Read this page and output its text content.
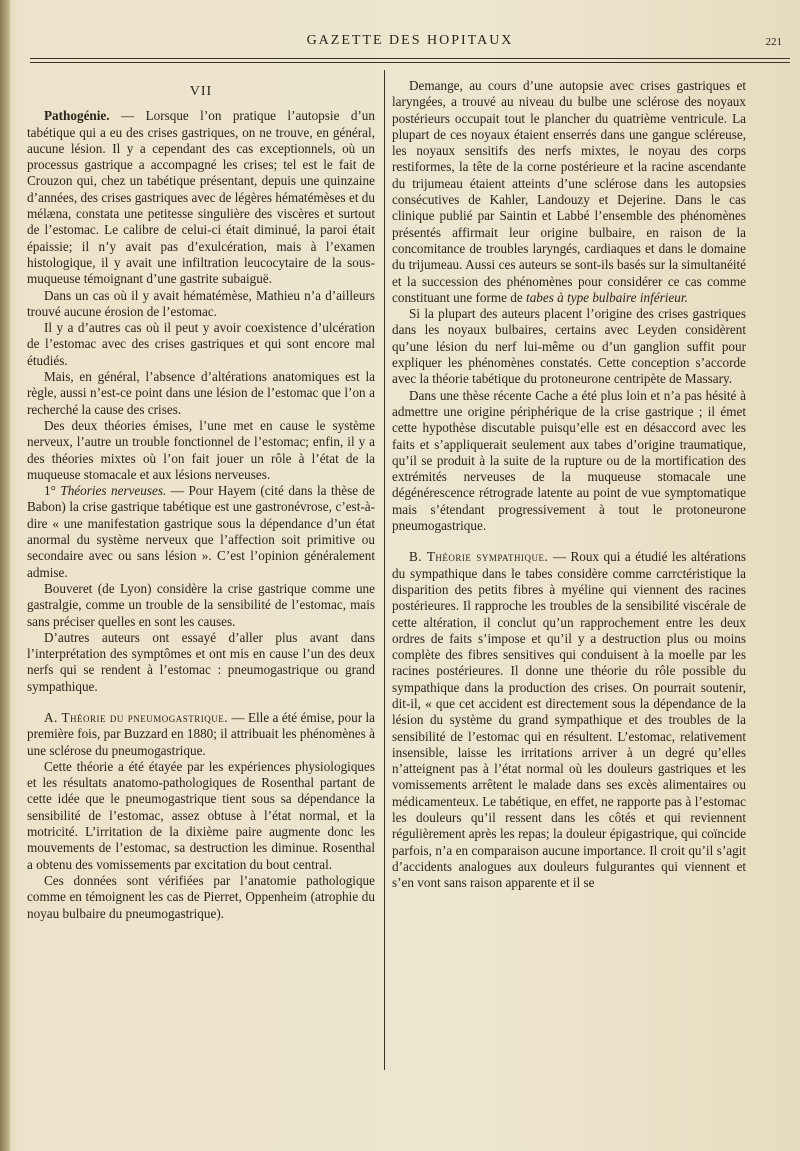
GAZETTE DES HOPITAUX	221
VII

Pathogénie. — Lorsque l’on pratique l’autopsie d’un tabétique qui a eu des crises gastriques, on ne trouve, en général, aucune lésion. Il y a cependant des cas exceptionnels, où un processus gastrique a accompagné les crises; tel est le fait de Crouzon qui, chez un tabétique présentant, depuis une quinzaine d’années, des crises gastriques avec de légères hématémèses et du mélæna, constata une petitesse singulière des viscères et surtout de l’estomac. Le calibre de celui-ci était diminué, la paroi était épaissie; il n’y avait pas d’exulcération, mais à l’examen histologique, il y avait une infiltration leucocytaire de la sous-muqueuse témoignant d’une gastrite subaiguë.

Dans un cas où il y avait hématémèse, Mathieu n’a d’ailleurs trouvé aucune érosion de l’estomac.

Il y a d’autres cas où il peut y avoir coexistence d’ulcération de l’estomac avec des crises gastriques et qui sont encore mal étudiés.

Mais, en général, l’absence d’altérations anatomiques est la règle, aussi n’est-ce point dans une lésion de l’estomac que l’on a recherché la cause des crises.

Des deux théories émises, l’une met en cause le système nerveux, l’autre un trouble fonctionnel de l’estomac; enfin, il y a des théories mixtes où l’on fait jouer un rôle à l’état de la muqueuse stomacale et aux lésions nerveuses.

1° Théories nerveuses. — Pour Hayem (cité dans la thèse de Babon) la crise gastrique tabétique est une gastronévrose, c’est-à-dire « une manifestation gastrique sous la dépendance d’un état anormal du système nerveux que l’affection soit primitive ou secondaire avec ou sans lésion ». C’est l’opinion généralement admise.

Bouveret (de Lyon) considère la crise gastrique comme une gastralgie, comme un trouble de la sensibilité de l’estomac, mais sans préciser quelles en sont les causes.

D’autres auteurs ont essayé d’aller plus avant dans l’interprétation des symptômes et ont mis en cause l’un des deux nerfs qui se rendent à l’estomac : pneumogastrique ou grand sympathique.

A. Théorie du pneumogastrique. — Elle a été émise, pour la première fois, par Buzzard en 1880; il attribuait les phénomènes à une sclérose du pneumogastrique.

Cette théorie a été étayée par les expériences physiologiques et les résultats anatomo-pathologiques de Rosenthal partant de cette idée que le pneumogastrique tient sous sa dépendance la sensibilité de l’estomac, assez obtuse à l’état normal, et la motricité. L’irritation de la dixième paire augmente donc les mouvements de l’estomac, sa destruction les diminue. Rosenthal a obtenu des vomissements par excitation du bout central.

Ces données sont vérifiées par l’anatomie pathologique comme en témoignent les cas de Pierret, Oppenheim (atrophie du noyau bulbaire du pneumogastrique).

Demange, au cours d’une autopsie avec crises gastriques et laryngées, a trouvé au niveau du bulbe une sclérose des noyaux postérieurs occupait tout le plancher du quatrième ventricule. La plupart de ces noyaux étaient enserrés dans une gangue scléreuse, les noyaux sensitifs des nerfs mixtes, le noyau des corps restiformes, la tête de la corne postérieure et la racine ascendante du trijumeau étaient atteints d’une sclérose dans les autopsies consécutives de Kahler, Landouzy et Dejerine. Dans le cas clinique publié par Saintin et Labbé l’ensemble des phénomènes présentés affirmait leur origine bulbaire, en raison de la concomitance de troubles laryngés, cardiaques et dans le domaine du trijumeau. Aussi ces auteurs se sont-ils basés sur la simultanéité et la succession des phénomènes pour considérer ce cas comme constituant une forme de tabes à type bulbaire inférieur.

Si la plupart des auteurs placent l’origine des crises gastriques dans les noyaux bulbaires, certains avec Leyden considèrent qu’une lésion du nerf lui-même ou d’un ganglion suffit pour expliquer les phénomènes constatés. Cette conception s’accorde avec la théorie tabétique du protoneurone centripète de Massary.

Dans une thèse récente Cache a été plus loin et n’a pas hésité à admettre une origine périphérique de la crise gastrique ; il émet cette hypothèse discutable puisqu’elle est en désaccord avec les faits et s’appliquerait seulement aux tabes d’origine traumatique, qu’il se produit à la suite de la rupture ou de la mortification des extrémités nerveuses de la muqueuse stomacale une dégénérescence rétrograde latente au point de vue symptomatique mais s’étendant progressivement à tout le protoneurone pneumogastrique.

B. Théorie sympathique. — Roux qui a étudié les altérations du sympathique dans le tabes considère comme carrctéristique la disparition des petits fibres à myéline qui viennent des racines postérieures. Il rapproche les troubles de la sensibilité viscérale de cette altération, il conclut qu’un rapprochement entre les deux ordres de faits s’impose et qu’il y a destruction plus ou moins complète des fibres sensitives qui conduisent à la moelle par les racines postérieures. Il donne une théorie du rôle possible du sympathique dans la production des crises. On pourrait soutenir, dit-il, « que cet accident est directement sous la dépendance de la lésion du système du grand sympathique et des troubles de la sensibilité de l’estomac qui en résultent. L’estomac, relativement insensible, laisse les irritations arriver à un degré qu’elles n’atteignent pas à l’état normal où les douleurs gastriques et les vomissements arrêtent le malade dans ses excès alimentaires ou médicamenteux. Le tabétique, en effet, ne rapporte pas à l’estomac les douleurs qu’il ressent dans les côtés et qui reviennent régulièrement après les repas; la douleur épigastrique, qui coïncide parfois, n’a en comparaison aucune importance. Il croit qu’il s’agit d’accidents analogues aux douleurs fulgurantes qui viennent et s’en vont sans raison apparente et il se
